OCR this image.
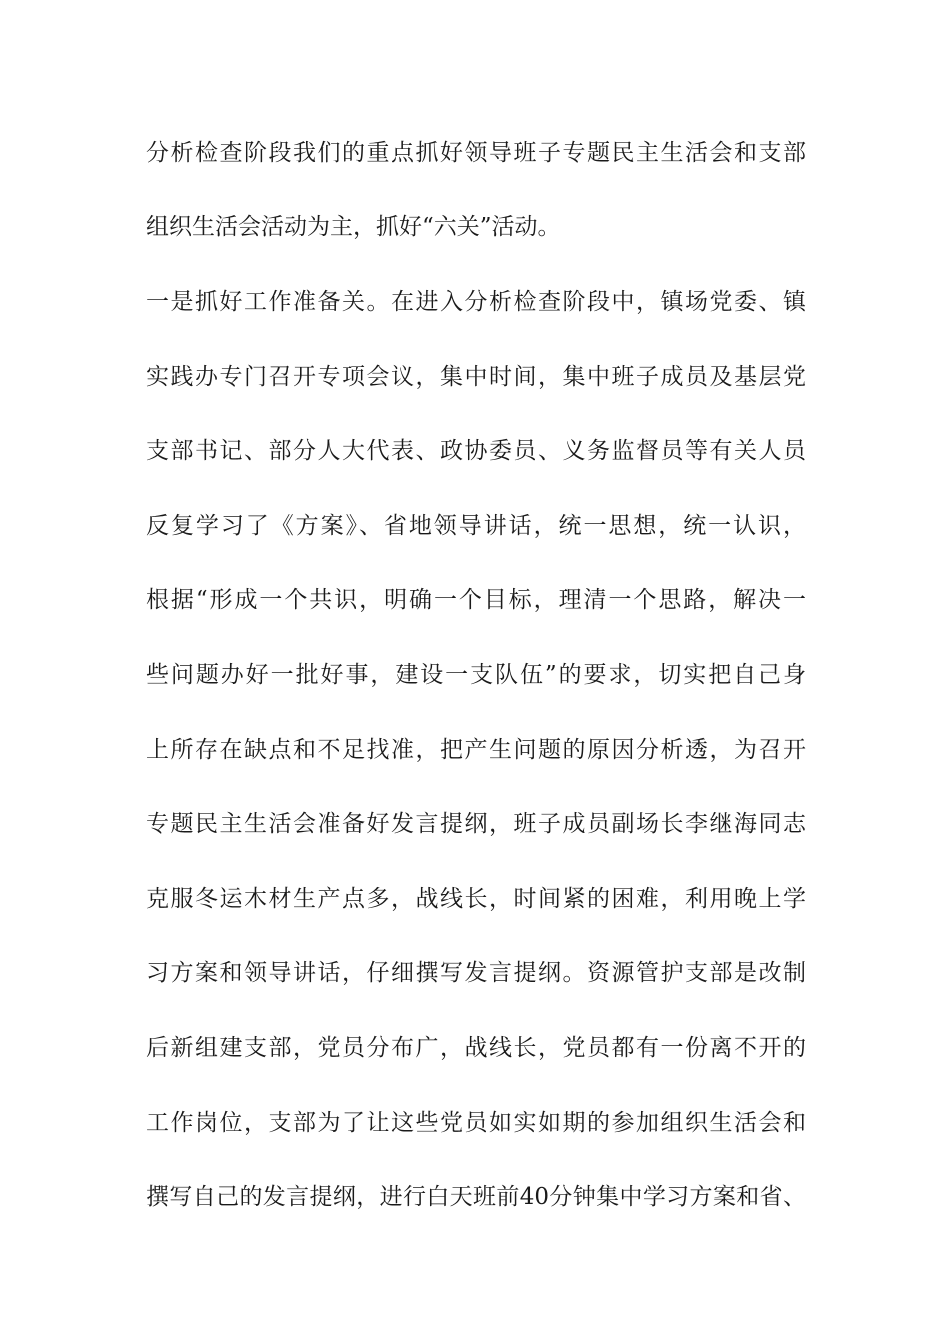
分析检查阶段我们的重点抓好领导班子专题民主生活会和支部
组织生活会活动为主，抓好“六关”活动。
一是抓好工作准备关。在进入分析检查阶段中，镇场党委、镇
实践办专门召开专项会议，集中时间，集中班子成员及基层党
支部书记、部分人大代表、政协委员、义务监督员等有关人员
反复学习了《方案》、省地领导讲话，统一思想，统一认识，
根据“形成一个共识，明确一个目标，理清一个思路，解决一
些问题办好一批好事，建设一支队伍”的要求，切实把自己身
上所存在缺点和不足找准，把产生问题的原因分析透，为召开
专题民主生活会准备好发言提纲，班子成员副场长李继海同志
克服冬运木材生产点多，战线长，时间紧的困难，利用晚上学
习方案和领导讲话，仔细撰写发言提纲。资源管护支部是改制
后新组建支部，党员分布广，战线长，党员都有一份离不开的
工作岗位，支部为了让这些党员如实如期的参加组织生活会和
撰写自己的发言提纲，进行白天班前40分钟集中学习方案和省、
